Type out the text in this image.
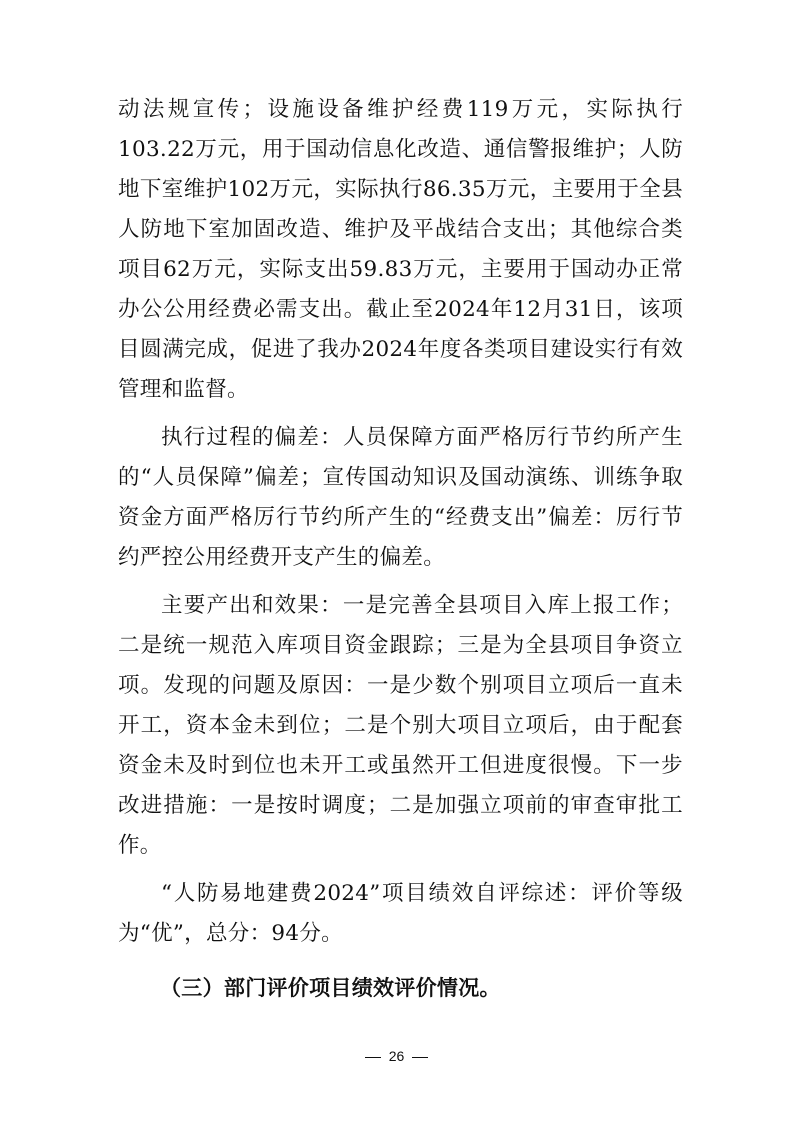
动法规宣传；设施设备维护经费119万元，实际执行103.22万元，用于国动信息化改造、通信警报维护；人防地下室维护102万元，实际执行86.35万元，主要用于全县人防地下室加固改造、维护及平战结合支出；其他综合类项目62万元，实际支出59.83万元，主要用于国动办正常办公公用经费必需支出。截止至2024年12月31日，该项目圆满完成，促进了我办2024年度各类项目建设实行有效管理和监督。

执行过程的偏差：人员保障方面严格厉行节约所产生的“人员保障”偏差；宣传国动知识及国动演练、训练争取资金方面严格厉行节约所产生的“经费支出”偏差：厉行节约严控公用经费开支产生的偏差。

主要产出和效果：一是完善全县项目入库上报工作；二是统一规范入库项目资金跟踪；三是为全县项目争资立项。发现的问题及原因：一是少数个别项目立项后一直未开工，资本金未到位；二是个别大项目立项后，由于配套资金未及时到位也未开工或虽然开工但进度很慢。下一步改进措施：一是按时调度；二是加强立项前的审查审批工作。

“人防易地建费2024”项目绩效自评综述：评价等级为“优”，总分：94分。

（三）部门评价项目绩效评价情况。

26
